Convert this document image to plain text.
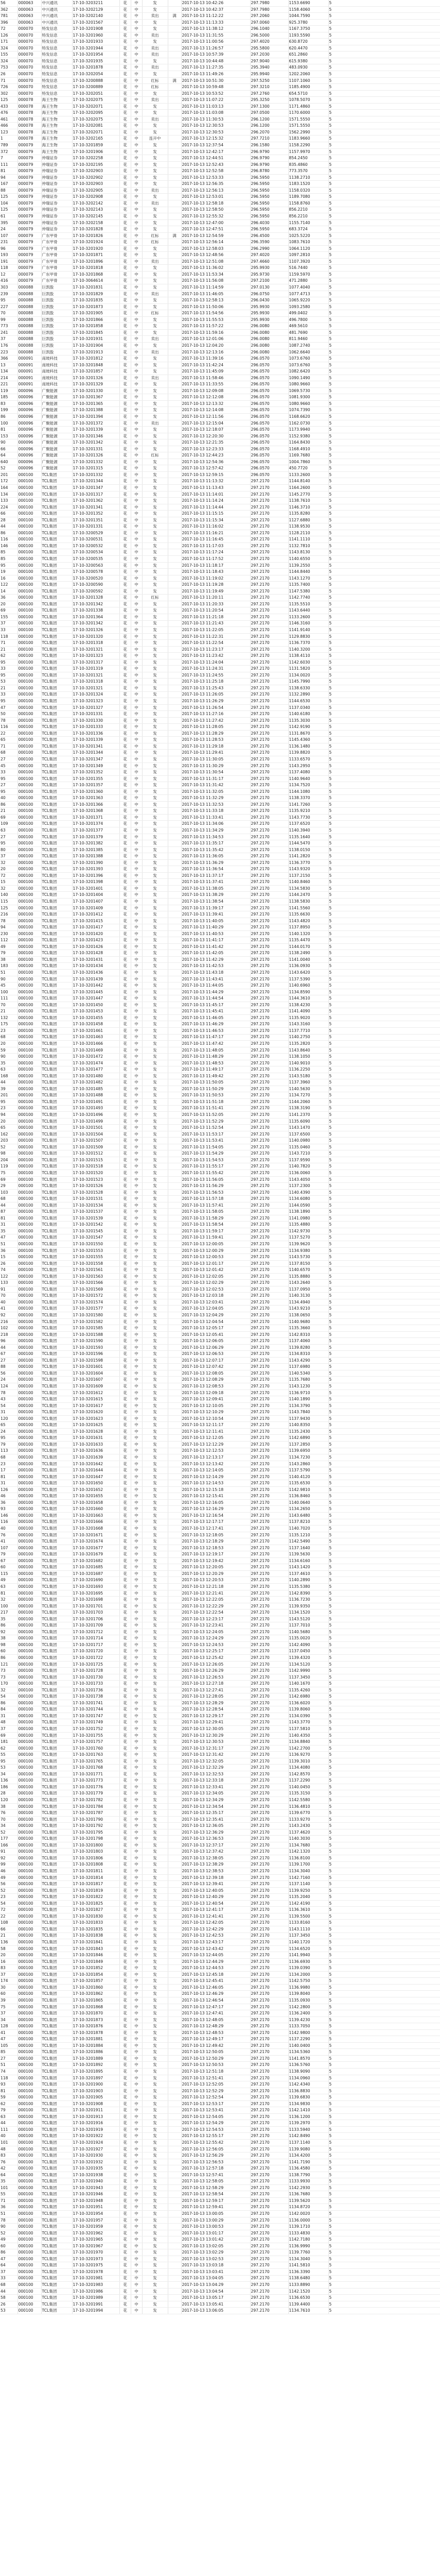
56	000063	中兴通讯	17-10-3203211	花	中	发		2017-10-13 10:42:26	297.7980	1153.6690	5
362	000063	中兴通讯	17-10-3202129	花	中	发		2017-10-13 10:42:37	297.7980	1158.4060	5
781	000063	中兴通讯	17-10-3202140	花	中	卖出	满	2017-10-13 11:12:22	297.2060	1044.7590	5
396	000063	中兴通讯	17-10-3201567	花	中	发		2017-10-13 11:13:33	297.0060	925.3780	5
72	000070	特发信息	17-10-3201908	花	中	发		2017-10-13 11:38:12	296.1040	1167.3750	5
126	000070	特发信息	17-10-3201960	花	中	卖出		2017-10-13 11:31:55	296.5000	1193.5590	5
171	000070	特发信息	17-10-3201933	花	中	发		2017-10-13 11:00:56	297.4020	630.8720	5
324	000070	特发信息	17-10-3201944	花	中	卖出		2017-10-13 11:26:57	295.5800	620.4470	5
155	000070	特发信息	17-10-3201954	花	中	卖出		2017-10-13 10:57:39	297.2030	651.2860	5
324	000070	特发信息	17-10-3201935	花	中	发		2017-10-13 10:44:48	297.9040	615.9380	5
753	000070	特发信息	17-10-3201878	花	中	卖出		2017-10-13 11:27:35	295.3940	483.0930	5
26	000070	特发信息	17-10-3202054	花	中	发		2017-10-13 11:49:26	295.9940	1202.2060	5
71	000070	特发信息	17-10-3200888	花	中	红标	满	2017-10-13 10:51:30	297.5250	1107.1060	5
726	000070	特发信息	17-10-3200889	花	中	红标		2017-10-13 10:59:48	297.3210	1185.4900	5
302	000070	特发信息	17-10-3202051	花	中	发		2017-10-13 10:53:52	297.2760	654.5710	5
125	000078	海王生物	17-10-3202075	花	中	卖出		2017-10-13 11:07:22	295.3250	1078.5070	5
433	000078	海王生物	17-10-3202071	花	中	发		2017-10-13 11:03:13	297.1300	1171.4860	5
476	000078	海王生物	17-10-3202095	花	中	发		2017-10-13 11:03:08	297.0500	1170.6000	5
461	000078	海王生物	17-10-3202075	花	中	卖出		2017-10-13 11:30:53	296.1200	1571.5550	5
466	000078	海王生物	17-10-3202081	花	中	发		2017-10-13 12:30:53	296.1200	1571.5550	5
123	000078	海王生物	17-10-3202071	花	中	发		2017-10-13 12:30:53	296.2070	1562.2990	5
1	000078	海王生物	17-10-3202165	花	中	连开中		2017-10-13 12:15:32	297.7210	1183.9660	5
789	000079	海王生物	17-10-3201859	花	中	发		2017-10-13 12:37:54	296.1580	1158.2290	5
372	000079	海王生物	17-10-3201906	花	中	发		2017-10-13 12:42:17	296.9790	1157.9970	5
7	000079	仲瑞证券	17-10-3202258	花	中	发		2017-10-13 12:44:51	296.9790	854.2450	5
111	000079	仲瑞证券	17-10-3202195	花	中	发		2017-10-13 12:52:43	296.9790	835.4860	5
81	000079	仲瑞证券	17-10-3202903	花	中	发		2017-10-13 12:52:58	296.8780	773.3570	5
94	000079	仲瑞证券	17-10-3202902	花	中	发		2017-10-13 12:53:33	296.5950	1138.2710	5
167	000079	仲瑞证券	17-10-3202903	花	中	发		2017-10-13 12:56:35	296.5950	1183.1520	5
88	000079	仲瑞证券	17-10-3202905	花	中	卖出		2017-10-13 12:56:13	296.5950	1158.0320	5
125	000079	仲瑞证券	17-10-3202908	花	中	发		2017-10-13 12:53:01	296.5950	1189.7080	5
104	000079	仲瑞证券	17-10-3202142	花	中	卖出		2017-10-13 12:58:18	296.5950	1158.8760	5
125	000079	仲瑞证券	17-10-3202143	花	中	发		2017-10-13 12:58:50	296.5950	856.2210	5
61	000079	仲瑞证券	17-10-3202145	花	中	发		2017-10-13 12:55:32	296.5950	856.2210	5
395	000079	仲瑞证券	17-10-3202158	花	中	发		2017-10-13 12:47:00	296.4030	1155.7140	5
24	000079	仲瑞证券	17-10-3201828	花	中	发		2017-10-13 12:47:51	296.5950	683.3724	5
107	000079	广东甲骨	17-10-3201826	花	中	红标	满	2017-10-13 12:54:59	296.4500	1025.5220	5
231	000079	广东甲骨	17-10-3201924	花	中	红标		2017-10-13 12:56:14	296.3590	1083.7610	5
96	000079	广东甲骨	17-10-3201920	花	中	发		2017-10-13 12:58:03	296.2990	1064.1120	5
193	000079	广东甲骨	17-10-3201871	花	中	发		2017-10-13 12:48:56	297.4020	1097.2810	5
191	000079	广东甲骨	17-10-3201896	花	中	卖出		2017-10-13 12:51:08	297.4660	1107.3920	5
118	000079	广东甲骨	17-10-3201818	花	中	发		2017-10-13 11:36:02	295.9930	516.7440	5
12	000079	广东甲骨	17-10-3201868	花	中	发		2017-10-13 11:53:34	295.9730	1159.5970	5
416	000079	广东甲骨	17-10-3064614	花	中	发		2017-10-13 11:56:08	297.2100	471.2880	5
303	000088	巨凯股	17-10-3201831	花	中	发		2017-10-13 11:14:59	297.0130	1077.4040	5
239	000088	巨凯股	17-10-3201829	花	中	卖出		2017-10-13 11:46:05	296.0750	1077.4713	5
95	000088	巨凯股	17-10-3201835	花	中	发		2017-10-13 12:58:13	296.0430	1065.9220	5
227	000088	巨凯股	17-10-3201873	花	中	发		2017-10-13 11:50:06	295.9930	1093.2580	5
70	000088	巨凯股	17-10-3201905	花	中	红标		2017-10-13 11:54:56	295.9930	499.0402	5
99	000088	巨凯股	17-10-3201866	花	中	发		2017-10-13 11:55:53	295.9930	496.7800	5
773	000088	巨凯股	17-10-3201858	花	中	发		2017-10-13 11:57:22	296.0080	469.5610	5
241	000088	巨凯股	17-10-3201845	花	中	发		2017-10-13 11:59:16	296.0080	481.7690	5
37	000088	巨凯股	17-10-3201931	花	中	卖出		2017-10-13 12:01:06	296.0080	811.9460	5
176	000088	巨凯股	17-10-3201904	花	中	发		2017-10-13 12:04:20	296.0080	1087.2740	5
223	000088	巨凯股	17-10-3201913	花	中	卖出		2017-10-13 12:13:16	296.0080	1062.6640	5
366	000091	南玻科技	17-10-3201812	花	中	发		2017-10-13 11:39:16	296.0570	1073.6760	5
13	000091	南玻科技	17-10-3201848	花	中	发		2017-10-13 11:42:24	296.0570	1073.6760	5
134	000091	南玻科技	17-10-3201857	花	中	发		2017-10-13 11:45:09	296.0570	1082.6420	5
214	000091	南玻科技	17-10-3201326	花	中	卖出		2017-10-13 11:58:46	296.0570	1090.1490	5
221	000091	南玻科技	17-10-3201329	花	中	发		2017-10-13 11:33:55	296.0570	1080.9660	5
119	000096	广聚能源	17-10-3201330	花	中	发		2017-10-13 12:09:08	296.0570	1069.5730	5
185	000096	广聚能源	17-10-3201367	花	中	发		2017-10-13 12:12:08	296.0570	1081.9300	5
83	000096	广聚能源	17-10-3201365	花	中	发		2017-10-13 12:13:32	296.0570	1080.9660	5
199	000096	广聚能源	17-10-3201388	花	中	发		2017-10-13 12:14:08	296.0570	1074.7390	5
86	000096	广聚能源	17-10-3201394	花	中	发		2017-10-13 12:11:56	296.0570	1168.6620	5
100	000096	广聚能源	17-10-3201372	花	中	卖出		2017-10-13 12:15:04	296.0570	1162.0730	5
81	000096	广聚能源	17-10-3201339	花	中	发		2017-10-13 12:18:07	296.0570	1173.9940	5
153	000096	广聚能源	17-10-3201346	花	中	发		2017-10-13 12:20:30	296.0570	1152.9380	5
90	000096	广聚能源	17-10-3201342	花	中	发		2017-10-13 12:21:35	296.0570	1164.8430	5
66	000096	广聚能源	17-10-3201331	花	中	发		2017-10-13 12:23:33	296.0570	1168.4910	5
64	000096	广聚能源	17-10-3201326	花	中	红标		2017-10-13 12:44:23	296.0570	1169.7680	5
640	000096	广聚能源	17-10-3201332	花	中	发		2017-10-13 12:54:36	296.0570	1004.7860	5
52	000096	广聚能源	17-10-3201315	花	中	发		2017-10-13 12:57:42	296.0570	450.7720	5
201	000100	TCL集团	17-10-3201332	花	中	发		2017-10-13 12:59:15	296.0570	1133.2600	5
172	000100	TCL集团	17-10-3201344	花	中	发		2017-10-13 11:13:32	297.2170	1144.8140	5
164	000100	TCL集团	17-10-3201347	花	中	发		2017-10-13 11:13:43	297.2170	1164.2600	5
134	000100	TCL集团	17-10-3201317	花	中	发		2017-10-13 11:14:01	297.2170	1145.2770	5
133	000100	TCL集团	17-10-3201362	花	中	发		2017-10-13 11:14:24	297.2170	1138.7610	5
224	000100	TCL集团	17-10-3201341	花	中	发		2017-10-13 11:14:44	297.2170	1146.3710	5
66	000100	TCL集团	17-10-3201352	花	中	发		2017-10-13 11:15:15	297.2170	1135.8280	5
28	000100	TCL集团	17-10-3201351	花	中	发		2017-10-13 11:15:34	297.2170	1127.6880	5
44	000100	TCL集团	17-10-3201331	花	中	发		2017-10-13 11:16:02	297.2170	1138.9530	5
86	000100	TCL集团	17-10-3200529	花	中	发		2017-10-13 11:16:21	297.2170	1128.2110	5
116	000100	TCL集团	17-10-3200531	花	中	发		2017-10-13 11:16:45	297.2170	1141.1110	5
146	000100	TCL集团	17-10-3200532	花	中	发		2017-10-13 11:17:03	297.2170	1132.7810	5
85	000100	TCL集团	17-10-3200534	花	中	发		2017-10-13 11:17:24	297.2170	1143.8130	5
85	000100	TCL集团	17-10-3200535	花	中	发		2017-10-13 11:17:52	297.2170	1140.6550	5
95	000100	TCL集团	17-10-3200563	花	中	发		2017-10-13 11:18:17	297.2170	1139.2550	5
19	000100	TCL集团	17-10-3200578	花	中	发		2017-10-13 11:18:43	297.2170	1144.8440	5
16	000100	TCL集团	17-10-3200520	花	中	发		2017-10-13 11:19:02	297.2170	1143.1270	5
122	000100	TCL集团	17-10-3200590	花	中	发		2017-10-13 11:19:28	297.2170	1135.7400	5
14	000100	TCL集团	17-10-3200592	花	中	发		2017-10-13 11:19:49	297.2170	1147.5380	5
36	000100	TCL集团	17-10-3201328	花	中	红标		2017-10-13 11:20:11	297.2170	1142.7740	5
20	000100	TCL集团	17-10-3201342	花	中	发		2017-10-13 11:20:33	297.2170	1135.5510	5
69	000100	TCL集团	17-10-3201338	花	中	发		2017-10-13 11:20:54	297.2170	1143.6440	5
155	000100	TCL集团	17-10-3201364	花	中	发		2017-10-13 11:21:18	297.2170	1133.2600	5
37	000100	TCL集团	17-10-3201342	花	中	发		2017-10-13 11:21:43	297.2170	1146.3160	5
33	000100	TCL集团	17-10-3201326	花	中	发		2017-10-13 11:22:05	297.2170	1141.9140	5
118	000100	TCL集团	17-10-3201320	花	中	发		2017-10-13 11:22:31	297.2170	1129.8830	5
71	000100	TCL集团	17-10-3201318	花	中	发		2017-10-13 11:22:54	297.2170	1136.7370	5
21	000100	TCL集团	17-10-3201321	花	中	发		2017-10-13 11:23:17	297.2170	1140.3200	5
62	000100	TCL集团	17-10-3201323	花	中	发		2017-10-13 11:23:42	297.2170	1138.4110	5
95	000100	TCL集团	17-10-3201317	花	中	发		2017-10-13 11:24:04	297.2170	1142.6030	5
33	000100	TCL集团	17-10-3201319	花	中	发		2017-10-13 11:24:31	297.2170	1131.5820	5
95	000100	TCL集团	17-10-3201321	花	中	发		2017-10-13 11:24:55	297.2170	1134.0020	5
53	000100	TCL集团	17-10-3201318	花	中	发		2017-10-13 11:25:18	297.2170	1145.7990	5
21	000100	TCL集团	17-10-3201321	花	中	发		2017-10-13 11:25:43	297.2170	1138.6330	5
33	000100	TCL集团	17-10-3201324	花	中	发		2017-10-13 11:26:05	297.2170	1132.2890	5
95	000100	TCL集团	17-10-3201323	花	中	发		2017-10-13 11:26:29	297.2170	1144.6530	5
47	000100	TCL集团	17-10-3201327	花	中	发		2017-10-13 11:26:54	297.2170	1137.0340	5
50	000100	TCL集团	17-10-3201331	花	中	发		2017-10-13 11:27:16	297.2170	1140.6180	5
78	000100	TCL集团	17-10-3201330	花	中	发		2017-10-13 11:27:42	297.2170	1135.3030	5
116	000100	TCL集团	17-10-3201333	花	中	发		2017-10-13 11:28:05	297.2170	1142.9190	5
22	000100	TCL集团	17-10-3201336	花	中	发		2017-10-13 11:28:29	297.2170	1131.8670	5
65	000100	TCL集团	17-10-3201339	花	中	发		2017-10-13 11:28:53	297.2170	1145.4360	5
71	000100	TCL集团	17-10-3201341	花	中	发		2017-10-13 11:29:18	297.2170	1136.1480	5
68	000100	TCL集团	17-10-3201344	花	中	发		2017-10-13 11:29:41	297.2170	1139.8820	5
27	000100	TCL集团	17-10-3201347	花	中	发		2017-10-13 11:30:05	297.2170	1133.6570	5
45	000100	TCL集团	17-10-3201349	花	中	发		2017-10-13 11:30:29	297.2170	1143.2950	5
33	000100	TCL集团	17-10-3201352	花	中	发		2017-10-13 11:30:54	297.2170	1137.4080	5
95	000100	TCL集团	17-10-3201355	花	中	发		2017-10-13 11:31:17	297.2170	1140.9640	5
27	000100	TCL集团	17-10-3201357	花	中	发		2017-10-13 11:31:42	297.2170	1134.7520	5
95	000100	TCL集团	17-10-3201360	花	中	发		2017-10-13 11:32:05	297.2170	1144.1080	5
40	000100	TCL集团	17-10-3201363	花	中	发		2017-10-13 11:32:29	297.2170	1138.3370	5
86	000100	TCL集团	17-10-3201366	花	中	发		2017-10-13 11:32:53	297.2170	1141.7260	5
21	000100	TCL集团	17-10-3201368	花	中	发		2017-10-13 11:33:18	297.2170	1135.9210	5
69	000100	TCL集团	17-10-3201371	花	中	发		2017-10-13 11:33:41	297.2170	1143.7730	5
109	000100	TCL集团	17-10-3201374	花	中	发		2017-10-13 11:34:06	297.2170	1137.6520	5
63	000100	TCL集团	17-10-3201377	花	中	发		2017-10-13 11:34:29	297.2170	1140.3940	5
27	000100	TCL集团	17-10-3201379	花	中	发		2017-10-13 11:34:53	297.2170	1135.1640	5
95	000100	TCL集团	17-10-3201382	花	中	发		2017-10-13 11:35:17	297.2170	1144.5470	5
80	000100	TCL集团	17-10-3201385	花	中	发		2017-10-13 11:35:42	297.2170	1138.0150	5
37	000100	TCL集团	17-10-3201388	花	中	发		2017-10-13 11:36:05	297.2170	1141.2820	5
32	000100	TCL集团	17-10-3201390	花	中	发		2017-10-13 11:36:29	297.2170	1136.3770	5
20	000100	TCL集团	17-10-3201393	花	中	发		2017-10-13 11:36:54	297.2170	1143.9320	5
72	000100	TCL集团	17-10-3201396	花	中	发		2017-10-13 11:37:17	297.2170	1137.2150	5
15	000100	TCL集团	17-10-3201398	花	中	发		2017-10-13 11:37:41	297.2170	1140.8460	5
32	000100	TCL集团	17-10-3201401	花	中	发		2017-10-13 11:38:05	297.2170	1134.5830	5
140	000100	TCL集团	17-10-3201404	花	中	发		2017-10-13 11:38:29	297.2170	1144.2470	5
115	000100	TCL集团	17-10-3201407	花	中	发		2017-10-13 11:38:54	297.2170	1138.5830	5
125	000100	TCL集团	17-10-3201409	花	中	发		2017-10-13 11:39:17	297.2170	1141.5560	5
216	000100	TCL集团	17-10-3201412	花	中	发		2017-10-13 11:39:41	297.2170	1135.6630	5
78	000100	TCL集团	17-10-3201415	花	中	发		2017-10-13 11:40:05	297.2170	1143.4820	5
94	000100	TCL集团	17-10-3201417	花	中	发		2017-10-13 11:40:29	297.2170	1137.8950	5
230	000100	TCL集团	17-10-3201420	花	中	发		2017-10-13 11:40:53	297.2170	1140.1320	5
112	000100	TCL集团	17-10-3201423	花	中	发		2017-10-13 11:41:17	297.2170	1135.4470	5
49	000100	TCL集团	17-10-3201426	花	中	发		2017-10-13 11:41:42	297.2170	1144.0170	5
79	000100	TCL集团	17-10-3201428	花	中	发		2017-10-13 11:42:05	297.2170	1138.2490	5
38	000100	TCL集团	17-10-3201431	花	中	发		2017-10-13 11:42:29	297.2170	1141.0040	5
183	000100	TCL集团	17-10-3201434	花	中	发		2017-10-13 11:42:53	297.2170	1136.0930	5
51	000100	TCL集团	17-10-3201436	花	中	发		2017-10-13 11:43:18	297.2170	1143.6420	5
90	000100	TCL集团	17-10-3201439	花	中	发		2017-10-13 11:43:41	297.2170	1137.5390	5
45	000100	TCL集团	17-10-3201442	花	中	发		2017-10-13 11:44:05	297.2170	1140.6960	5
100	000100	TCL集团	17-10-3201445	花	中	发		2017-10-13 11:44:29	297.2170	1134.8590	5
111	000100	TCL集团	17-10-3201447	花	中	发		2017-10-13 11:44:54	297.2170	1144.3610	5
70	000100	TCL集团	17-10-3201450	花	中	发		2017-10-13 11:45:17	297.2170	1138.4230	5
21	000100	TCL集团	17-10-3201453	花	中	发		2017-10-13 11:45:41	297.2170	1141.4090	5
132	000100	TCL集团	17-10-3201455	花	中	发		2017-10-13 11:46:05	297.2170	1135.9020	5
175	000100	TCL集团	17-10-3201458	花	中	发		2017-10-13 11:46:29	297.2170	1143.3160	5
23	000100	TCL集团	17-10-3201461	花	中	发		2017-10-13 11:46:53	297.2170	1137.7710	5
68	000100	TCL集团	17-10-3201463	花	中	发		2017-10-13 11:47:17	297.2170	1140.2750	5
20	000100	TCL集团	17-10-3201466	花	中	发		2017-10-13 11:47:42	297.2170	1135.2820	5
59	000100	TCL集团	17-10-3201469	花	中	发		2017-10-13 11:48:05	297.2170	1143.8640	5
90	000100	TCL集团	17-10-3201472	花	中	发		2017-10-13 11:48:29	297.2170	1138.1050	5
35	000100	TCL集团	17-10-3201474	花	中	发		2017-10-13 11:48:53	297.2170	1140.9010	5
63	000100	TCL集团	17-10-3201477	花	中	发		2017-10-13 11:49:17	297.2170	1136.2250	5
168	000100	TCL集团	17-10-3201480	花	中	发		2017-10-13 11:49:42	297.2170	1143.5180	5
44	000100	TCL集团	17-10-3201482	花	中	发		2017-10-13 11:50:05	297.2170	1137.3960	5
39	000100	TCL集团	17-10-3201485	花	中	发		2017-10-13 11:50:29	297.2170	1140.5630	5
201	000100	TCL集团	17-10-3201488	花	中	发		2017-10-13 11:50:53	297.2170	1134.7270	5
95	000100	TCL集团	17-10-3201491	花	中	发		2017-10-13 11:51:18	297.2170	1144.2060	5
23	000100	TCL集团	17-10-3201493	花	中	发		2017-10-13 11:51:41	297.2170	1138.3190	5
94	000100	TCL集团	17-10-3201496	花	中	发		2017-10-13 11:52:05	297.2170	1141.2370	5
20	000100	TCL集团	17-10-3201499	花	中	发		2017-10-13 11:52:29	297.2170	1135.6090	5
65	000100	TCL集团	17-10-3201501	花	中	发		2017-10-13 11:52:54	297.2170	1143.1470	5
162	000100	TCL集团	17-10-3201504	花	中	发		2017-10-13 11:53:17	297.2170	1137.6500	5
203	000100	TCL集团	17-10-3201507	花	中	发		2017-10-13 11:53:41	297.2170	1140.0980	5
52	000100	TCL集团	17-10-3201509	花	中	发		2017-10-13 11:54:05	297.2170	1135.0460	5
98	000100	TCL集团	17-10-3201512	花	中	发		2017-10-13 11:54:29	297.2170	1143.7210	5
204	000100	TCL集团	17-10-3201515	花	中	发		2017-10-13 11:54:53	297.2170	1137.9590	5
119	000100	TCL集团	17-10-3201518	花	中	发		2017-10-13 11:55:17	297.2170	1140.7820	5
75	000100	TCL集团	17-10-3201520	花	中	发		2017-10-13 11:55:42	297.2170	1136.0060	5
69	000100	TCL集团	17-10-3201523	花	中	发		2017-10-13 11:56:05	297.2170	1143.4050	5
29	000100	TCL集团	17-10-3201526	花	中	发		2017-10-13 11:56:29	297.2170	1137.2300	5
103	000100	TCL集团	17-10-3201528	花	中	发		2017-10-13 11:56:53	297.2170	1140.4390	5
68	000100	TCL集团	17-10-3201531	花	中	发		2017-10-13 11:57:18	297.2170	1134.6080	5
44	000100	TCL集团	17-10-3201534	花	中	发		2017-10-13 11:57:41	297.2170	1144.0590	5
87	000100	TCL集团	17-10-3201537	花	中	发		2017-10-13 11:58:05	297.2170	1138.1890	5
81	000100	TCL集团	17-10-3201539	花	中	发		2017-10-13 11:58:29	297.2170	1141.0980	5
31	000100	TCL集团	17-10-3201542	花	中	发		2017-10-13 11:58:54	297.2170	1135.4880	5
35	000100	TCL集团	17-10-3201545	花	中	发		2017-10-13 11:59:17	297.2170	1142.9730	5
47	000100	TCL集团	17-10-3201547	花	中	发		2017-10-13 11:59:41	297.2170	1137.5270	5
51	000100	TCL集团	17-10-3201550	花	中	发		2017-10-13 12:00:05	297.2170	1139.9620	5
36	000100	TCL集团	17-10-3201553	花	中	发		2017-10-13 12:00:29	297.2170	1134.9380	5
15	000100	TCL集团	17-10-3201555	花	中	发		2017-10-13 12:00:53	297.2170	1143.5730	5
26	000100	TCL集团	17-10-3201558	花	中	发		2017-10-13 12:01:17	297.2170	1137.8150	5
74	000100	TCL集团	17-10-3201561	花	中	发		2017-10-13 12:01:42	297.2170	1140.6570	5
122	000100	TCL集团	17-10-3201563	花	中	发		2017-10-13 12:02:05	297.2170	1135.8880	5
133	000100	TCL集团	17-10-3201566	花	中	发		2017-10-13 12:02:29	297.2170	1143.2640	5
91	000100	TCL集团	17-10-3201569	花	中	发		2017-10-13 12:02:53	297.2170	1137.0950	5
70	000100	TCL集团	17-10-3201572	花	中	发		2017-10-13 12:03:18	297.2170	1140.3130	5
40	000100	TCL集团	17-10-3201574	花	中	发		2017-10-13 12:03:41	297.2170	1134.4940	5
41	000100	TCL集团	17-10-3201577	花	中	发		2017-10-13 12:04:05	297.2170	1143.9210	5
92	000100	TCL集团	17-10-3201580	花	中	发		2017-10-13 12:04:29	297.2170	1138.0650	5
216	000100	TCL集团	17-10-3201582	花	中	发		2017-10-13 12:04:54	297.2170	1140.9680	5
102	000100	TCL集团	17-10-3201585	花	中	发		2017-10-13 12:05:17	297.2170	1135.3660	5
218	000100	TCL集团	17-10-3201588	花	中	发		2017-10-13 12:05:41	297.2170	1142.8310	5
96	000100	TCL集团	17-10-3201590	花	中	发		2017-10-13 12:06:05	297.2170	1137.4060	5
44	000100	TCL集团	17-10-3201593	花	中	发		2017-10-13 12:06:29	297.2170	1139.8280	5
67	000100	TCL集团	17-10-3201596	花	中	发		2017-10-13 12:06:53	297.2170	1134.8310	5
27	000100	TCL集团	17-10-3201598	花	中	发		2017-10-13 12:07:17	297.2170	1143.4290	5
88	000100	TCL集团	17-10-3201601	花	中	发		2017-10-13 12:07:42	297.2170	1137.6980	5
56	000100	TCL集团	17-10-3201604	花	中	发		2017-10-13 12:08:05	297.2170	1140.5340	5
24	000100	TCL集团	17-10-3201607	花	中	发		2017-10-13 12:08:29	297.2170	1135.7680	5
124	000100	TCL集团	17-10-3201609	花	中	发		2017-10-13 12:08:53	297.2170	1143.1230	5
78	000100	TCL集团	17-10-3201612	花	中	发		2017-10-13 12:09:18	297.2170	1136.9710	5
43	000100	TCL集团	17-10-3201615	花	中	发		2017-10-13 12:09:41	297.2170	1140.1890	5
54	000100	TCL集团	17-10-3201617	花	中	发		2017-10-13 12:10:05	297.2170	1134.3790	5
31	000100	TCL集团	17-10-3201620	花	中	发		2017-10-13 12:10:29	297.2170	1143.7840	5
120	000100	TCL集团	17-10-3201623	花	中	发		2017-10-13 12:10:54	297.2170	1137.9430	5
65	000100	TCL集团	17-10-3201625	花	中	发		2017-10-13 12:11:17	297.2170	1140.8350	5
24	000100	TCL集团	17-10-3201628	花	中	发		2017-10-13 12:11:41	297.2170	1135.2430	5
95	000100	TCL集团	17-10-3201631	花	中	发		2017-10-13 12:12:05	297.2170	1142.6890	5
79	000100	TCL集团	17-10-3201633	花	中	发		2017-10-13 12:12:29	297.2170	1137.2850	5
113	000100	TCL集团	17-10-3201636	花	中	发		2017-10-13 12:12:53	297.2170	1139.6950	5
68	000100	TCL集团	17-10-3201639	花	中	发		2017-10-13 12:13:17	297.2170	1134.7230	5
23	000100	TCL集团	17-10-3201642	花	中	发		2017-10-13 12:13:42	297.2170	1143.2860	5
17	000100	TCL集团	17-10-3201644	花	中	发		2017-10-13 12:14:05	297.2170	1137.5790	5
81	000100	TCL集团	17-10-3201647	花	中	发		2017-10-13 12:14:29	297.2170	1140.4120	5
31	000100	TCL集团	17-10-3201650	花	中	发		2017-10-13 12:14:53	297.2170	1135.6530	5
126	000100	TCL集团	17-10-3201652	花	中	发		2017-10-13 12:15:18	297.2170	1142.9810	5
46	000100	TCL集团	17-10-3201655	花	中	发		2017-10-13 12:15:41	297.2170	1136.8460	5
36	000100	TCL集团	17-10-3201658	花	中	发		2017-10-13 12:16:05	297.2170	1140.0640	5
93	000100	TCL集团	17-10-3201660	花	中	发		2017-10-13 12:16:29	297.2170	1134.2650	5
146	000100	TCL集团	17-10-3201663	花	中	发		2017-10-13 12:16:54	297.2170	1143.6480	5
116	000100	TCL集团	17-10-3201666	花	中	发		2017-10-13 12:17:17	297.2170	1137.8210	5
40	000100	TCL集团	17-10-3201668	花	中	发		2017-10-13 12:17:41	297.2170	1140.7020	5
76	000100	TCL集团	17-10-3201671	花	中	发		2017-10-13 12:18:05	297.2170	1135.1210	5
41	000100	TCL集团	17-10-3201674	花	中	发		2017-10-13 12:18:29	297.2170	1142.5490	5
107	000100	TCL集团	17-10-3201677	花	中	发		2017-10-13 12:18:53	297.2170	1137.1640	5
79	000100	TCL集团	17-10-3201679	花	中	发		2017-10-13 12:19:17	297.2170	1139.5630	5
67	000100	TCL集团	17-10-3201682	花	中	发		2017-10-13 12:19:42	297.2170	1134.6160	5
60	000100	TCL集团	17-10-3201685	花	中	发		2017-10-13 12:20:05	297.2170	1143.1420	5
115	000100	TCL集团	17-10-3201687	花	中	发		2017-10-13 12:20:29	297.2170	1137.4610	5
49	000100	TCL集团	17-10-3201690	花	中	发		2017-10-13 12:20:53	297.2170	1140.2890	5
63	000100	TCL集团	17-10-3201693	花	中	发		2017-10-13 12:21:18	297.2170	1135.5380	5
81	000100	TCL集团	17-10-3201695	花	中	发		2017-10-13 12:21:41	297.2170	1142.8390	5
32	000100	TCL集团	17-10-3201698	花	中	发		2017-10-13 12:22:05	297.2170	1136.7230	5
100	000100	TCL集团	17-10-3201701	花	中	发		2017-10-13 12:22:29	297.2170	1139.9350	5
217	000100	TCL集团	17-10-3201703	花	中	发		2017-10-13 12:22:54	297.2170	1134.1520	5
35	000100	TCL集团	17-10-3201706	花	中	发		2017-10-13 12:23:17	297.2170	1143.5120	5
86	000100	TCL集团	17-10-3201709	花	中	发		2017-10-13 12:23:41	297.2170	1137.7010	5
92	000100	TCL集团	17-10-3201712	花	中	发		2017-10-13 12:24:05	297.2170	1140.5680	5
38	000100	TCL集团	17-10-3201714	花	中	发		2017-10-13 12:24:29	297.2170	1135.0020	5
98	000100	TCL集团	17-10-3201717	花	中	发		2017-10-13 12:24:53	297.2170	1142.4090	5
60	000100	TCL集团	17-10-3201720	花	中	发		2017-10-13 12:25:17	297.2170	1137.0450	5
86	000100	TCL集团	17-10-3201722	花	中	发		2017-10-13 12:25:42	297.2170	1139.4320	5
121	000100	TCL集团	17-10-3201725	花	中	发		2017-10-13 12:26:05	297.2170	1134.5120	5
73	000100	TCL集团	17-10-3201728	花	中	发		2017-10-13 12:26:29	297.2170	1142.9990	5
73	000100	TCL集团	17-10-3201730	花	中	发		2017-10-13 12:26:53	297.2170	1137.3450	5
170	000100	TCL集团	17-10-3201733	花	中	发		2017-10-13 12:27:18	297.2170	1140.1670	5
32	000100	TCL集团	17-10-3201736	花	中	发		2017-10-13 12:27:41	297.2170	1135.4260	5
54	000100	TCL集团	17-10-3201738	花	中	发		2017-10-13 12:28:05	297.2170	1142.6980	5
86	000100	TCL集团	17-10-3201741	花	中	发		2017-10-13 12:28:29	297.2170	1136.6020	5
84	000100	TCL集团	17-10-3201744	花	中	发		2017-10-13 12:28:54	297.2170	1139.8060	5
31	000100	TCL集团	17-10-3201747	花	中	发		2017-10-13 12:29:17	297.2170	1134.0390	5
48	000100	TCL集团	17-10-3201749	花	中	发		2017-10-13 12:29:41	297.2170	1143.3770	5
37	000100	TCL集团	17-10-3201752	花	中	发		2017-10-13 12:30:05	297.2170	1137.5810	5
69	000100	TCL集团	17-10-3201755	花	中	发		2017-10-13 12:30:29	297.2170	1140.4350	5
181	000100	TCL集团	17-10-3201757	花	中	发		2017-10-13 12:30:53	297.2170	1134.8840	5
62	000100	TCL集团	17-10-3201760	花	中	发		2017-10-13 12:31:17	297.2170	1142.2700	5
55	000100	TCL集团	17-10-3201763	花	中	发		2017-10-13 12:31:42	297.2170	1136.9270	5
95	000100	TCL集团	17-10-3201765	花	中	发		2017-10-13 12:32:05	297.2170	1139.3010	5
53	000100	TCL集团	17-10-3201768	花	中	发		2017-10-13 12:32:29	297.2170	1134.4080	5
34	000100	TCL集团	17-10-3201771	花	中	发		2017-10-13 12:32:53	297.2170	1142.8570	5
136	000100	TCL集团	17-10-3201773	花	中	发		2017-10-13 12:33:18	297.2170	1137.2290	5
186	000100	TCL集团	17-10-3201776	花	中	发		2017-10-13 12:33:41	297.2170	1140.0450	5
28	000100	TCL集团	17-10-3201779	花	中	发		2017-10-13 12:34:05	297.2170	1135.3150	5
120	000100	TCL集团	17-10-3201782	花	中	发		2017-10-13 12:34:29	297.2170	1142.5580	5
38	000100	TCL集团	17-10-3201784	花	中	发		2017-10-13 12:34:54	297.2170	1136.4810	5
76	000100	TCL集团	17-10-3201787	花	中	发		2017-10-13 12:35:17	297.2170	1139.6770	5
70	000100	TCL集团	17-10-3201790	花	中	发		2017-10-13 12:35:41	297.2170	1133.9270	5
34	000100	TCL集团	17-10-3201792	花	中	发		2017-10-13 12:36:05	297.2170	1143.2430	5
52	000100	TCL集团	17-10-3201795	花	中	发		2017-10-13 12:36:29	297.2170	1137.4620	5
177	000100	TCL集团	17-10-3201798	花	中	发		2017-10-13 12:36:53	297.2170	1140.3030	5
166	000100	TCL集团	17-10-3201800	花	中	发		2017-10-13 12:37:17	297.2170	1134.7680	5
91	000100	TCL集团	17-10-3201803	花	中	发		2017-10-13 12:37:42	297.2170	1142.1320	5
92	000100	TCL集团	17-10-3201806	花	中	发		2017-10-13 12:38:05	297.2170	1136.8100	5
99	000100	TCL集团	17-10-3201808	花	中	发		2017-10-13 12:38:29	297.2170	1139.1700	5
46	000100	TCL集团	17-10-3201811	花	中	发		2017-10-13 12:38:53	297.2170	1134.3040	5
49	000100	TCL集团	17-10-3201814	花	中	发		2017-10-13 12:39:18	297.2170	1142.7160	5
56	000100	TCL集团	17-10-3201817	花	中	发		2017-10-13 12:39:41	297.2170	1137.1140	5
52	000100	TCL集团	17-10-3201819	花	中	发		2017-10-13 12:40:05	297.2170	1139.9250	5
23	000100	TCL集团	17-10-3201822	花	中	发		2017-10-13 12:40:29	297.2170	1135.2040	5
54	000100	TCL集团	17-10-3201825	花	中	发		2017-10-13 12:40:54	297.2170	1142.4190	5
72	000100	TCL集团	17-10-3201827	花	中	发		2017-10-13 12:41:17	297.2170	1136.3610	5
22	000100	TCL集团	17-10-3201830	花	中	发		2017-10-13 12:41:41	297.2170	1139.5500	5
108	000100	TCL集团	17-10-3201833	花	中	发		2017-10-13 12:42:05	297.2170	1133.8160	5
66	000100	TCL集团	17-10-3201835	花	中	发		2017-10-13 12:42:29	297.2170	1143.1110	5
21	000100	TCL集团	17-10-3201838	花	中	发		2017-10-13 12:42:53	297.2170	1137.3450	5
136	000100	TCL集团	17-10-3201841	花	中	发		2017-10-13 12:43:17	297.2170	1140.1720	5
58	000100	TCL集团	17-10-3201843	花	中	发		2017-10-13 12:43:42	297.2170	1134.6520	5
20	000100	TCL集团	17-10-3201846	花	中	发		2017-10-13 12:44:05	297.2170	1141.9940	5
16	000100	TCL集团	17-10-3201849	花	中	发		2017-10-13 12:44:29	297.2170	1136.6930	5
83	000100	TCL集团	17-10-3201852	花	中	发		2017-10-13 12:44:53	297.2170	1139.0390	5
37	000100	TCL集团	17-10-3201854	花	中	发		2017-10-13 12:45:18	297.2170	1134.2000	5
174	000100	TCL集团	17-10-3201857	花	中	发		2017-10-13 12:45:41	297.2170	1142.5750	5
30	000100	TCL集团	17-10-3201860	花	中	发		2017-10-13 12:46:05	297.2170	1136.9980	5
60	000100	TCL集团	17-10-3201862	花	中	发		2017-10-13 12:46:29	297.2170	1139.8040	5
39	000100	TCL集团	17-10-3201865	花	中	发		2017-10-13 12:46:54	297.2170	1135.0930	5
75	000100	TCL集团	17-10-3201868	花	中	发		2017-10-13 12:47:17	297.2170	1142.2800	5
37	000100	TCL集团	17-10-3201870	花	中	发		2017-10-13 12:47:41	297.2170	1136.2400	5
34	000100	TCL集团	17-10-3201873	花	中	发		2017-10-13 12:48:05	297.2170	1139.4230	5
128	000100	TCL集团	17-10-3201876	花	中	发		2017-10-13 12:48:29	297.2170	1133.7050	5
41	000100	TCL集团	17-10-3201878	花	中	发		2017-10-13 12:48:53	297.2170	1142.9800	5
47	000100	TCL集团	17-10-3201881	花	中	发		2017-10-13 12:49:17	297.2170	1137.2290	5
105	000100	TCL集团	17-10-3201884	花	中	发		2017-10-13 12:49:42	297.2170	1140.0400	5
85	000100	TCL集团	17-10-3201886	花	中	发		2017-10-13 12:50:05	297.2170	1134.5360	5
27	000100	TCL集团	17-10-3201889	花	中	发		2017-10-13 12:50:29	297.2170	1141.8570	5
51	000100	TCL集团	17-10-3201892	花	中	发		2017-10-13 12:50:53	297.2170	1136.5760	5
74	000100	TCL集团	17-10-3201895	花	中	发		2017-10-13 12:51:18	297.2170	1138.9090	5
118	000100	TCL集团	17-10-3201897	花	中	发		2017-10-13 12:51:41	297.2170	1134.0960	5
93	000100	TCL集团	17-10-3201900	花	中	发		2017-10-13 12:52:05	297.2170	1142.4340	5
81	000100	TCL集团	17-10-3201903	花	中	发		2017-10-13 12:52:29	297.2170	1136.8830	5
59	000100	TCL集团	17-10-3201905	花	中	发		2017-10-13 12:52:54	297.2170	1139.6830	5
62	000100	TCL集团	17-10-3201908	花	中	发		2017-10-13 12:53:17	297.2170	1134.9830	5
79	000100	TCL集团	17-10-3201911	花	中	发		2017-10-13 12:53:41	297.2170	1142.1410	5
63	000100	TCL集团	17-10-3201913	花	中	发		2017-10-13 12:54:05	297.2170	1136.1200	5
44	000100	TCL集团	17-10-3201916	花	中	发		2017-10-13 12:54:29	297.2170	1139.2970	5
111	000100	TCL集团	17-10-3201919	花	中	发		2017-10-13 12:54:53	297.2170	1133.5940	5
40	000100	TCL集团	17-10-3201922	花	中	发		2017-10-13 12:55:17	297.2170	1142.8490	5
101	000100	TCL集团	17-10-3201924	花	中	发		2017-10-13 12:55:42	297.2170	1137.1140	5
48	000100	TCL集团	17-10-3201927	花	中	发		2017-10-13 12:56:05	297.2170	1139.9080	5
83	000100	TCL集团	17-10-3201930	花	中	发		2017-10-13 12:56:29	297.2170	1134.4200	5
76	000100	TCL集团	17-10-3201932	花	中	发		2017-10-13 12:56:53	297.2170	1141.7190	5
42	000100	TCL集团	17-10-3201935	花	中	发		2017-10-13 12:57:18	297.2170	1136.4580	5
64	000100	TCL集团	17-10-3201938	花	中	发		2017-10-13 12:57:41	297.2170	1138.7790	5
35	000100	TCL集团	17-10-3201940	花	中	发		2017-10-13 12:58:05	297.2170	1133.9930	5
101	000100	TCL集团	17-10-3201943	花	中	发		2017-10-13 12:58:29	297.2170	1142.2930	5
55	000100	TCL集团	17-10-3201946	花	中	发		2017-10-13 12:58:54	297.2170	1136.7680	5
71	000100	TCL集团	17-10-3201948	花	中	发		2017-10-13 12:59:17	297.2170	1139.5620	5
36	000100	TCL集团	17-10-3201951	花	中	发		2017-10-13 12:59:41	297.2170	1134.8720	5
51	000100	TCL集团	17-10-3201954	花	中	发		2017-10-13 13:00:05	297.2170	1142.0020	5
78	000100	TCL集团	17-10-3201957	花	中	发		2017-10-13 13:00:29	297.2170	1136.0000	5
90	000100	TCL集团	17-10-3201959	花	中	发		2017-10-13 13:00:53	297.2170	1139.1710	5
52	000100	TCL集团	17-10-3201962	花	中	发		2017-10-13 13:01:17	297.2170	1133.4830	5
49	000100	TCL集团	17-10-3201965	花	中	发		2017-10-13 13:01:42	297.2170	1142.7180	5
60	000100	TCL集团	17-10-3201967	花	中	发		2017-10-13 13:02:05	297.2170	1136.9990	5
86	000100	TCL集团	17-10-3201970	花	中	发		2017-10-13 13:02:29	297.2170	1139.7760	5
47	000100	TCL集团	17-10-3201973	花	中	发		2017-10-13 13:02:53	297.2170	1134.3040	5
64	000100	TCL集团	17-10-3201975	花	中	发		2017-10-13 13:03:18	297.2170	1141.5810	5
37	000100	TCL集团	17-10-3201978	花	中	发		2017-10-13 13:03:41	297.2170	1136.3390	5
33	000100	TCL集团	17-10-3201981	花	中	发		2017-10-13 13:04:05	297.2170	1138.6480	5
68	000100	TCL集团	17-10-3201983	花	中	发		2017-10-13 13:04:29	297.2170	1133.8890	5
44	000100	TCL集团	17-10-3201986	花	中	发		2017-10-13 13:04:54	297.2170	1142.1520	5
58	000100	TCL集团	17-10-3201989	花	中	发		2017-10-13 13:05:17	297.2170	1136.6530	5
26	000100	TCL集团	17-10-3201991	花	中	发		2017-10-13 13:05:41	297.2170	1139.4400	5
53	000100	TCL集团	17-10-3201994	花	中	发		2017-10-13 13:06:05	297.2170	1134.7610	5
